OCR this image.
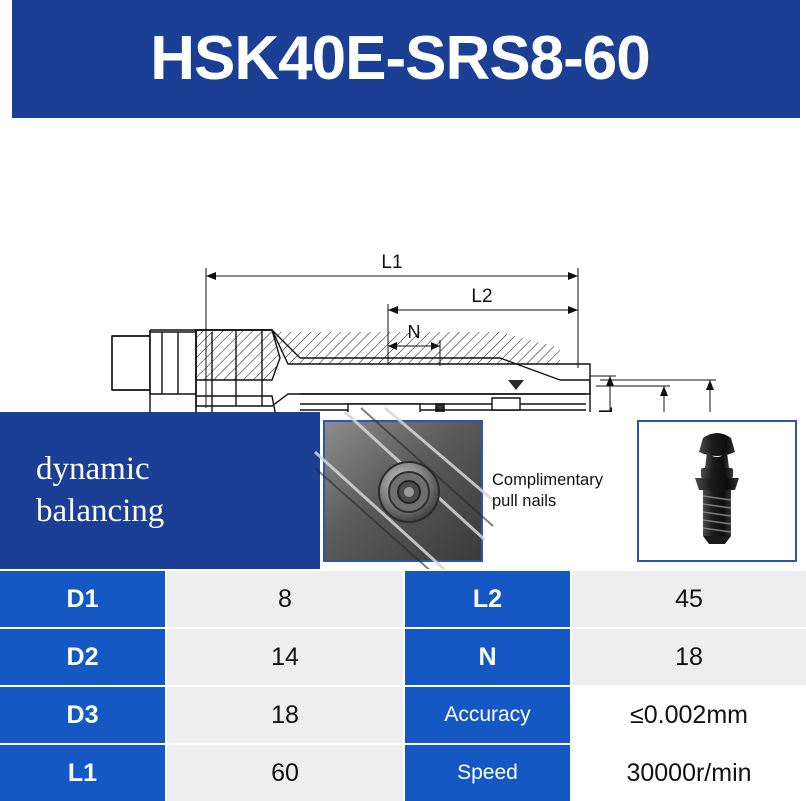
HSK40E-SRS8-60
L1
L2
N
dynamic
balancing
Complimentary
pull nails
D1	8	L2	45
D2	14	N	18
D3	18	Accuracy	≤0.002mm
L1	60	Speed	30000r/min
